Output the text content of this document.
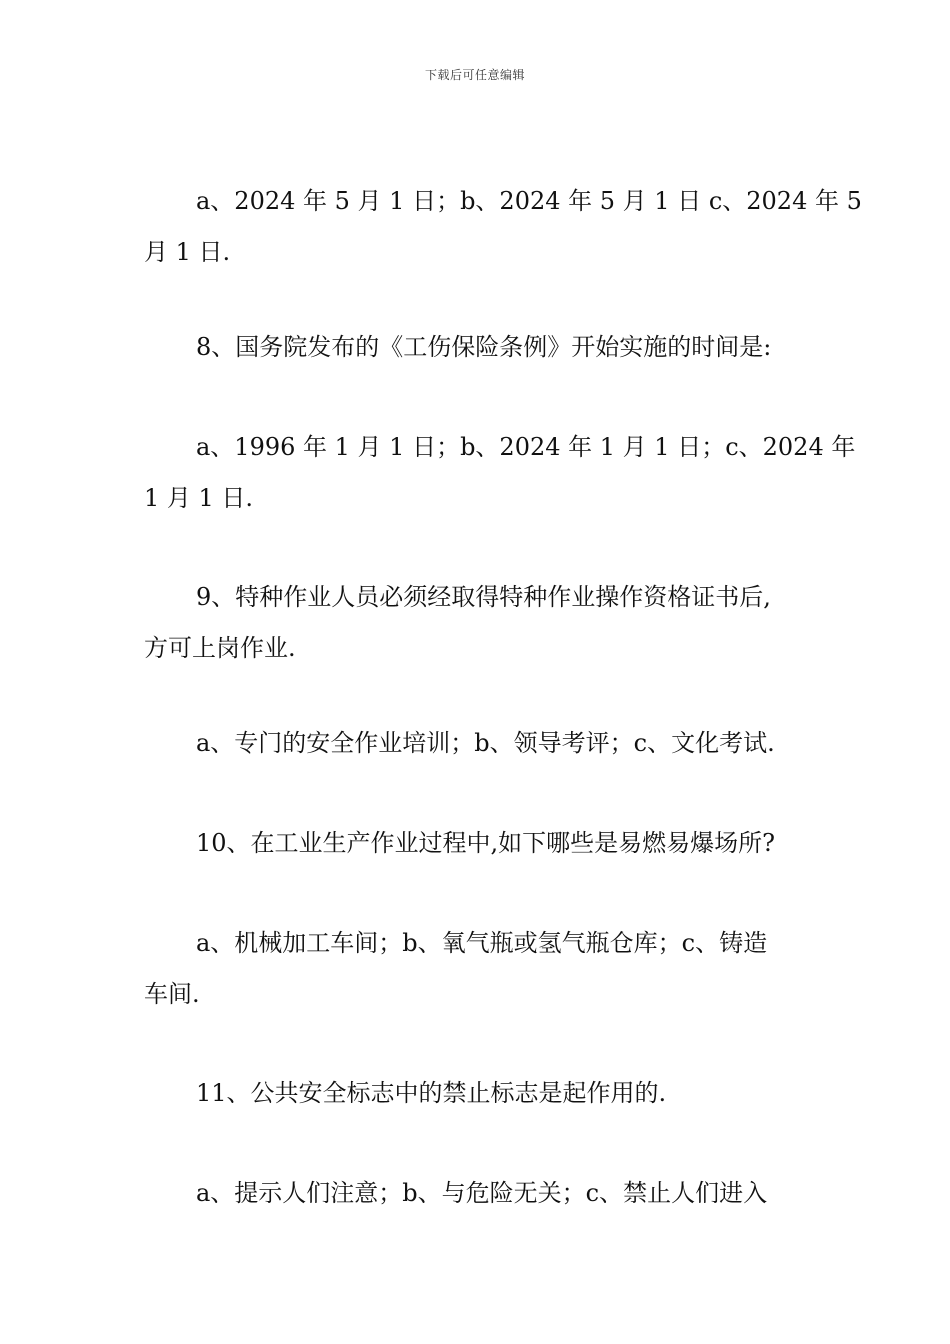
下载后可任意编辑
a、2024 年 5 月 1 日；b、2024 年 5 月 1 日 c、2024 年 5
月 1 日.
8、国务院发布的《工伤保险条例》开始实施的时间是:
a、1996 年 1 月 1 日；b、2024 年 1 月 1 日；c、2024 年
1 月 1 日.
9、特种作业人员必须经取得特种作业操作资格证书后,
方可上岗作业.
a、专门的安全作业培训；b、领导考评；c、文化考试.
10、在工业生产作业过程中,如下哪些是易燃易爆场所?
a、机械加工车间；b、氧气瓶或氢气瓶仓库；c、铸造
车间.
11、公共安全标志中的禁止标志是起作用的.
a、提示人们注意；b、与危险无关；c、禁止人们进入
